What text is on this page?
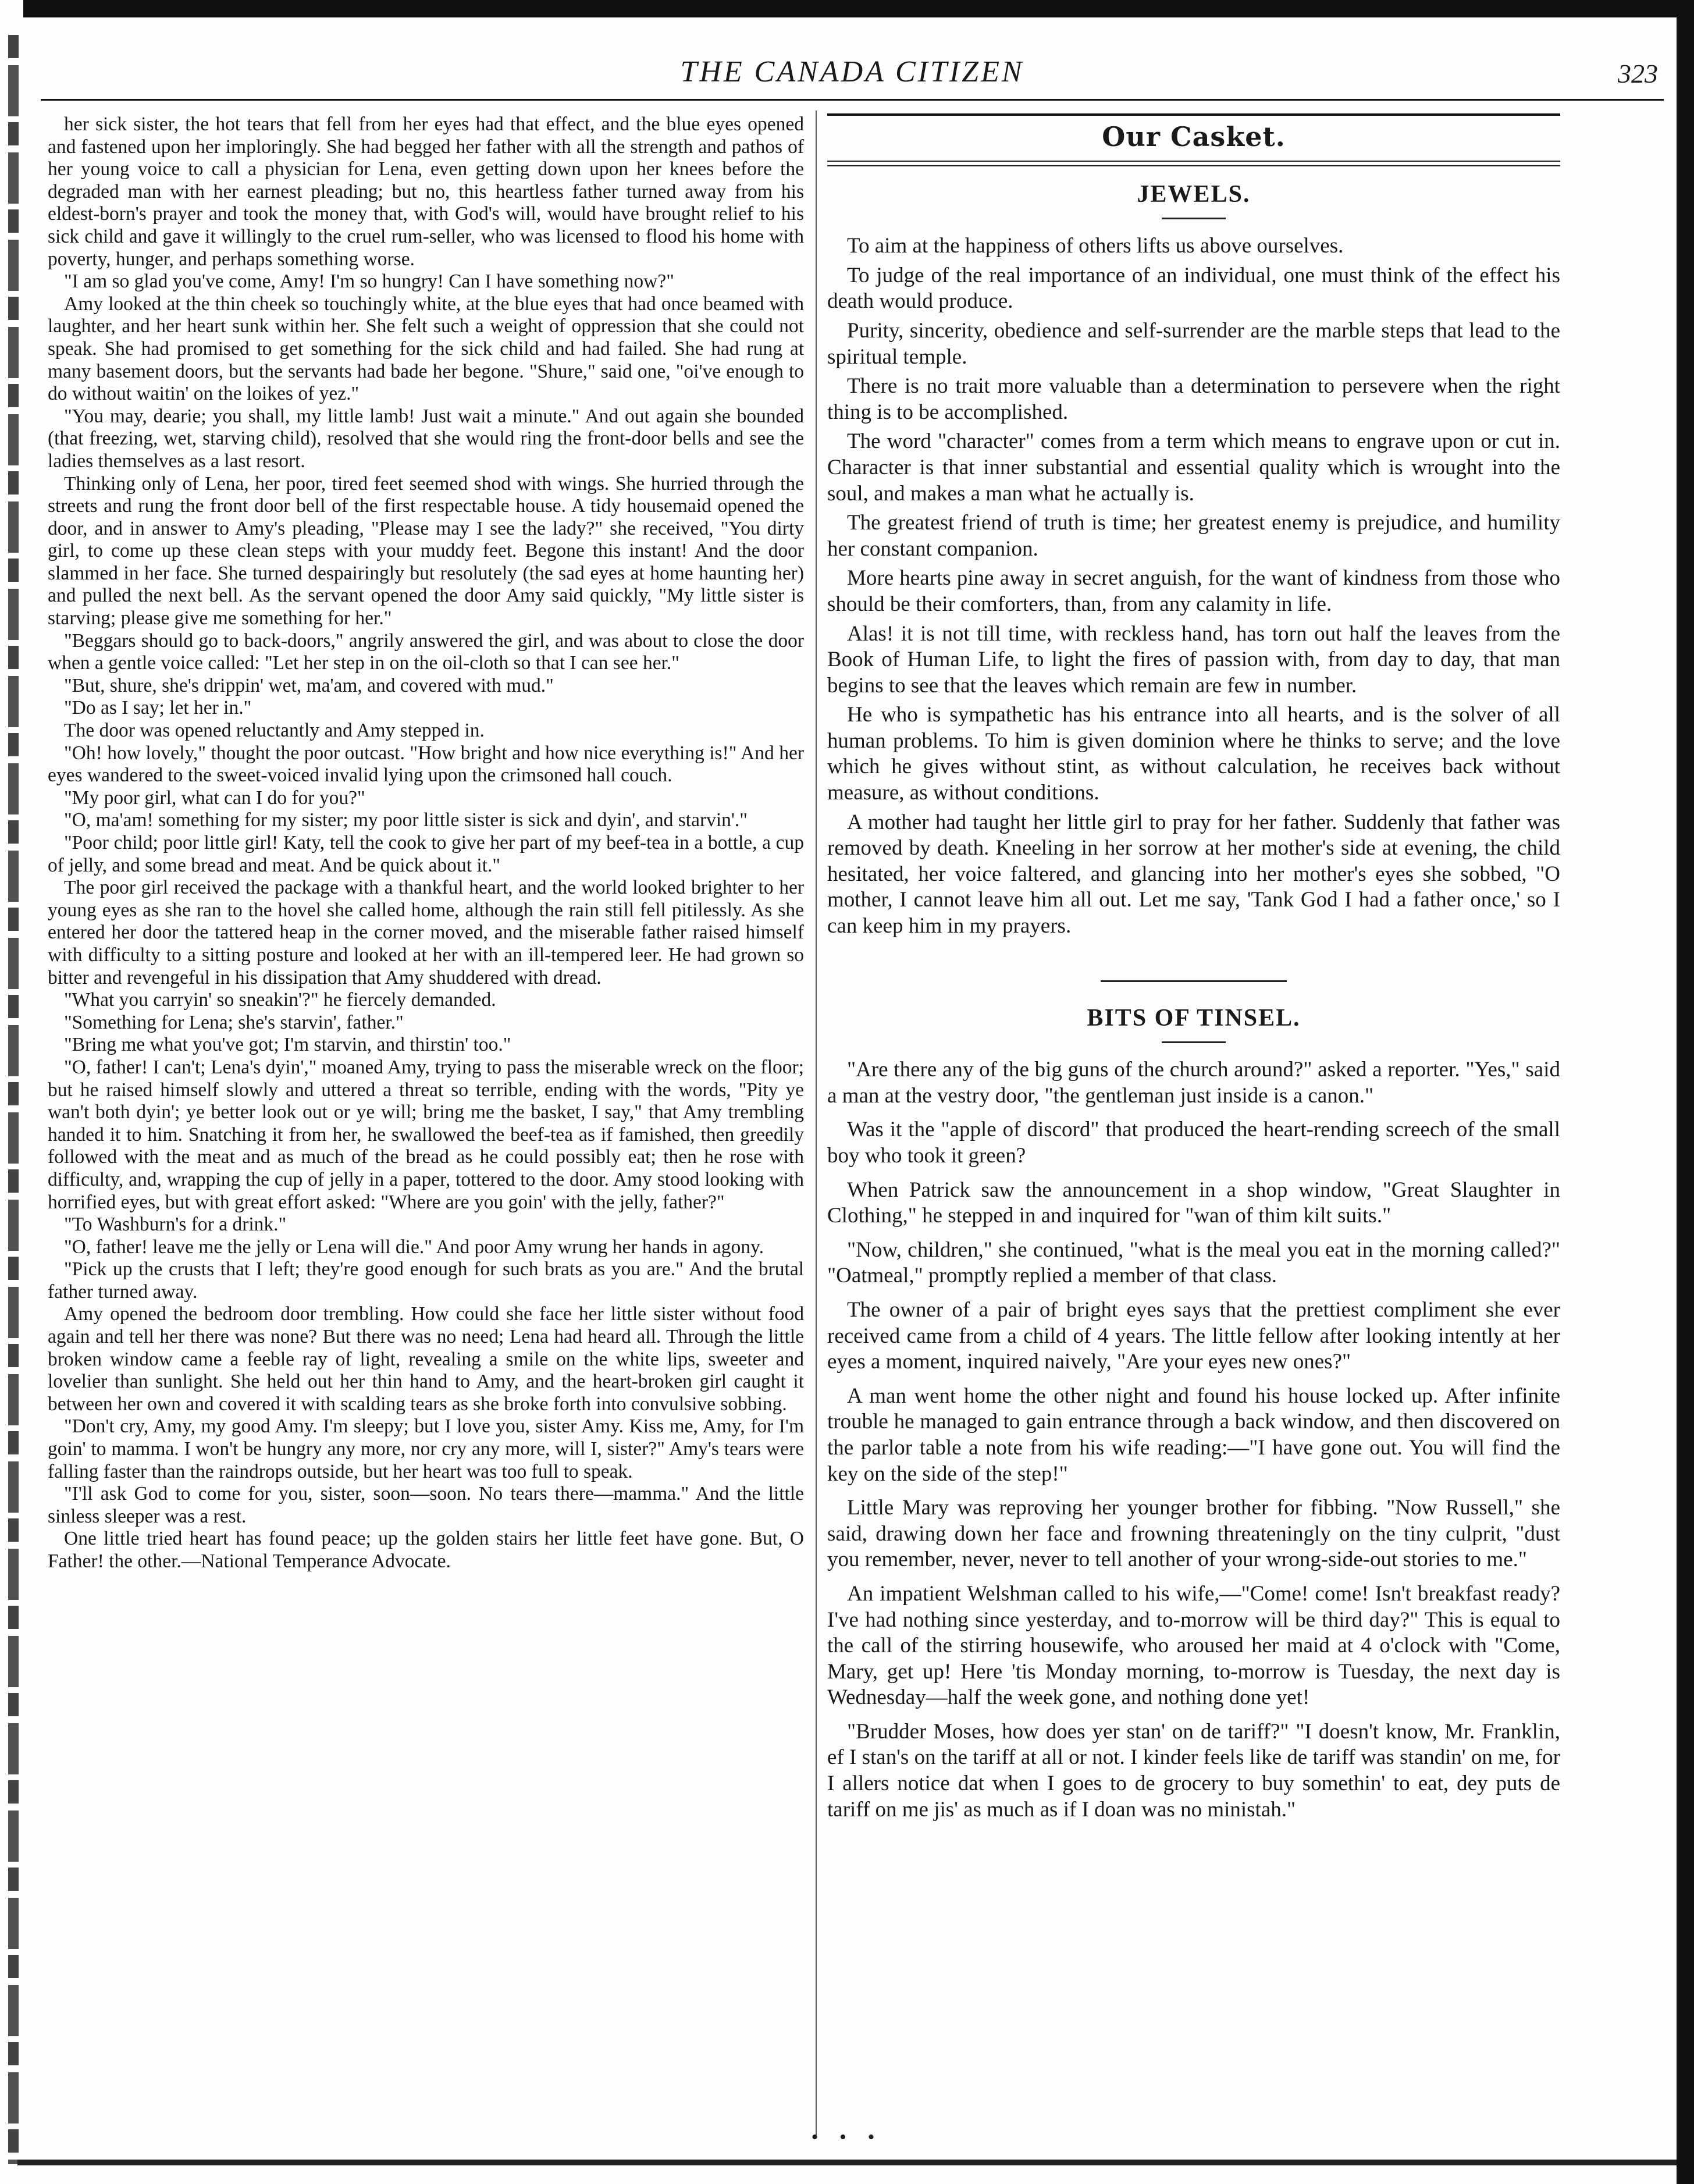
THE CANADA CITIZEN	323

her sick sister, the hot tears that fell from her eyes had that effect, and the blue eyes opened and fastened upon her imploringly. She had begged her father with all the strength and pathos of her young voice to call a physician for Lena, even getting down upon her knees before the degraded man with her earnest pleading; but no, this heartless father turned away from his eldest-born's prayer and took the money that, with God's will, would have brought relief to his sick child and gave it willingly to the cruel rum-seller, who was licensed to flood his home with poverty, hunger, and perhaps something worse.

"I am so glad you've come, Amy! I'm so hungry! Can I have something now?"

Amy looked at the thin cheek so touchingly white, at the blue eyes that had once beamed with laughter, and her heart sunk within her. She felt such a weight of oppression that she could not speak. She had promised to get something for the sick child and had failed. She had rung at many basement doors, but the servants had bade her begone. "Shure," said one, "oi've enough to do without waitin' on the loikes of yez."

"You may, dearie; you shall, my little lamb! Just wait a minute." And out again she bounded (that freezing, wet, starving child), resolved that she would ring the front-door bells and see the ladies themselves as a last resort.

Thinking only of Lena, her poor, tired feet seemed shod with wings. She hurried through the streets and rung the front door bell of the first respectable house. A tidy housemaid opened the door, and in answer to Amy's pleading, "Please may I see the lady?" she received, "You dirty girl, to come up these clean steps with your muddy feet. Begone this instant! And the door slammed in her face. She turned despairingly but resolutely (the sad eyes at home haunting her) and pulled the next bell. As the servant opened the door Amy said quickly, "My little sister is starving; please give me something for her."

"Beggars should go to back-doors," angrily answered the girl, and was about to close the door when a gentle voice called: "Let her step in on the oil-cloth so that I can see her."

"But, shure, she's drippin' wet, ma'am, and covered with mud."

"Do as I say; let her in."

The door was opened reluctantly and Amy stepped in.

"Oh! how lovely," thought the poor outcast. "How bright and how nice everything is!" And her eyes wandered to the sweet-voiced invalid lying upon the crimsoned hall couch.

"My poor girl, what can I do for you?"

"O, ma'am! something for my sister; my poor little sister is sick and dyin', and starvin'."

"Poor child; poor little girl! Katy, tell the cook to give her part of my beef-tea in a bottle, a cup of jelly, and some bread and meat. And be quick about it."

The poor girl received the package with a thankful heart, and the world looked brighter to her young eyes as she ran to the hovel she called home, although the rain still fell pitilessly. As she entered her door the tattered heap in the corner moved, and the miserable father raised himself with difficulty to a sitting posture and looked at her with an ill-tempered leer. He had grown so bitter and revengeful in his dissipation that Amy shuddered with dread.

"What you carryin' so sneakin'?" he fiercely demanded.

"Something for Lena; she's starvin', father."

"Bring me what you've got; I'm starvin, and thirstin' too."

"O, father! I can't; Lena's dyin'," moaned Amy, trying to pass the miserable wreck on the floor; but he raised himself slowly and uttered a threat so terrible, ending with the words, "Pity ye wan't both dyin'; ye better look out or ye will; bring me the basket, I say," that Amy trembling handed it to him. Snatching it from her, he swallowed the beef-tea as if famished, then greedily followed with the meat and as much of the bread as he could possibly eat; then he rose with difficulty, and, wrapping the cup of jelly in a paper, tottered to the door. Amy stood looking with horrified eyes, but with great effort asked: "Where are you goin' with the jelly, father?"

"To Washburn's for a drink."

"O, father! leave me the jelly or Lena will die." And poor Amy wrung her hands in agony.

"Pick up the crusts that I left; they're good enough for such brats as you are." And the brutal father turned away.

Amy opened the bedroom door trembling. How could she face her little sister without food again and tell her there was none? But there was no need; Lena had heard all. Through the little broken window came a feeble ray of light, revealing a smile on the white lips, sweeter and lovelier than sunlight. She held out her thin hand to Amy, and the heart-broken girl caught it between her own and covered it with scalding tears as she broke forth into convulsive sobbing.

"Don't cry, Amy, my good Amy. I'm sleepy; but I love you, sister Amy. Kiss me, Amy, for I'm goin' to mamma. I won't be hungry any more, nor cry any more, will I, sister?" Amy's tears were falling faster than the raindrops outside, but her heart was too full to speak.

"I'll ask God to come for you, sister, soon—soon. No tears there—mamma." And the little sinless sleeper was a rest.

One little tried heart has found peace; up the golden stairs her little feet have gone. But, O Father! the other.—National Temperance Advocate.

Our Casket.
JEWELS.

To aim at the happiness of others lifts us above ourselves.

To judge of the real importance of an individual, one must think of the effect his death would produce.

Purity, sincerity, obedience and self-surrender are the marble steps that lead to the spiritual temple.

There is no trait more valuable than a determination to persevere when the right thing is to be accomplished.

The word "character" comes from a term which means to engrave upon or cut in. Character is that inner substantial and essential quality which is wrought into the soul, and makes a man what he actually is.

The greatest friend of truth is time; her greatest enemy is prejudice, and humility her constant companion.

More hearts pine away in secret anguish, for the want of kindness from those who should be their comforters, than, from any calamity in life.

Alas! it is not till time, with reckless hand, has torn out half the leaves from the Book of Human Life, to light the fires of passion with, from day to day, that man begins to see that the leaves which remain are few in number.

He who is sympathetic has his entrance into all hearts, and is the solver of all human problems. To him is given dominion where he thinks to serve; and the love which he gives without stint, as without calculation, he receives back without measure, as without conditions.

A mother had taught her little girl to pray for her father. Suddenly that father was removed by death. Kneeling in her sorrow at her mother's side at evening, the child hesitated, her voice faltered, and glancing into her mother's eyes she sobbed, "O mother, I cannot leave him all out. Let me say, 'Tank God I had a father once,' so I can keep him in my prayers.

BITS OF TINSEL.

"Are there any of the big guns of the church around?" asked a reporter. "Yes," said a man at the vestry door, "the gentleman just inside is a canon."

Was it the "apple of discord" that produced the heart-rending screech of the small boy who took it green?

When Patrick saw the announcement in a shop window, "Great Slaughter in Clothing," he stepped in and inquired for "wan of thim kilt suits."

"Now, children," she continued, "what is the meal you eat in the morning called?" "Oatmeal," promptly replied a member of that class.

The owner of a pair of bright eyes says that the prettiest compliment she ever received came from a child of 4 years. The little fellow after looking intently at her eyes a moment, inquired naively, "Are your eyes new ones?"

A man went home the other night and found his house locked up. After infinite trouble he managed to gain entrance through a back window, and then discovered on the parlor table a note from his wife reading:—"I have gone out. You will find the key on the side of the step!"

Little Mary was reproving her younger brother for fibbing. "Now Russell," she said, drawing down her face and frowning threateningly on the tiny culprit, "dust you remember, never, never to tell another of your wrong-side-out stories to me."

An impatient Welshman called to his wife,—"Come! come! Isn't breakfast ready? I've had nothing since yesterday, and to-morrow will be third day?" This is equal to the call of the stirring housewife, who aroused her maid at 4 o'clock with "Come, Mary, get up! Here 'tis Monday morning, to-morrow is Tuesday, the next day is Wednesday—half the week gone, and nothing done yet!

"Brudder Moses, how does yer stan' on de tariff?" "I doesn't know, Mr. Franklin, ef I stan's on the tariff at all or not. I kinder feels like de tariff was standin' on me, for I allers notice dat when I goes to de grocery to buy somethin' to eat, dey puts de tariff on me jis' as much as if I doan was no ministah."

• • •
